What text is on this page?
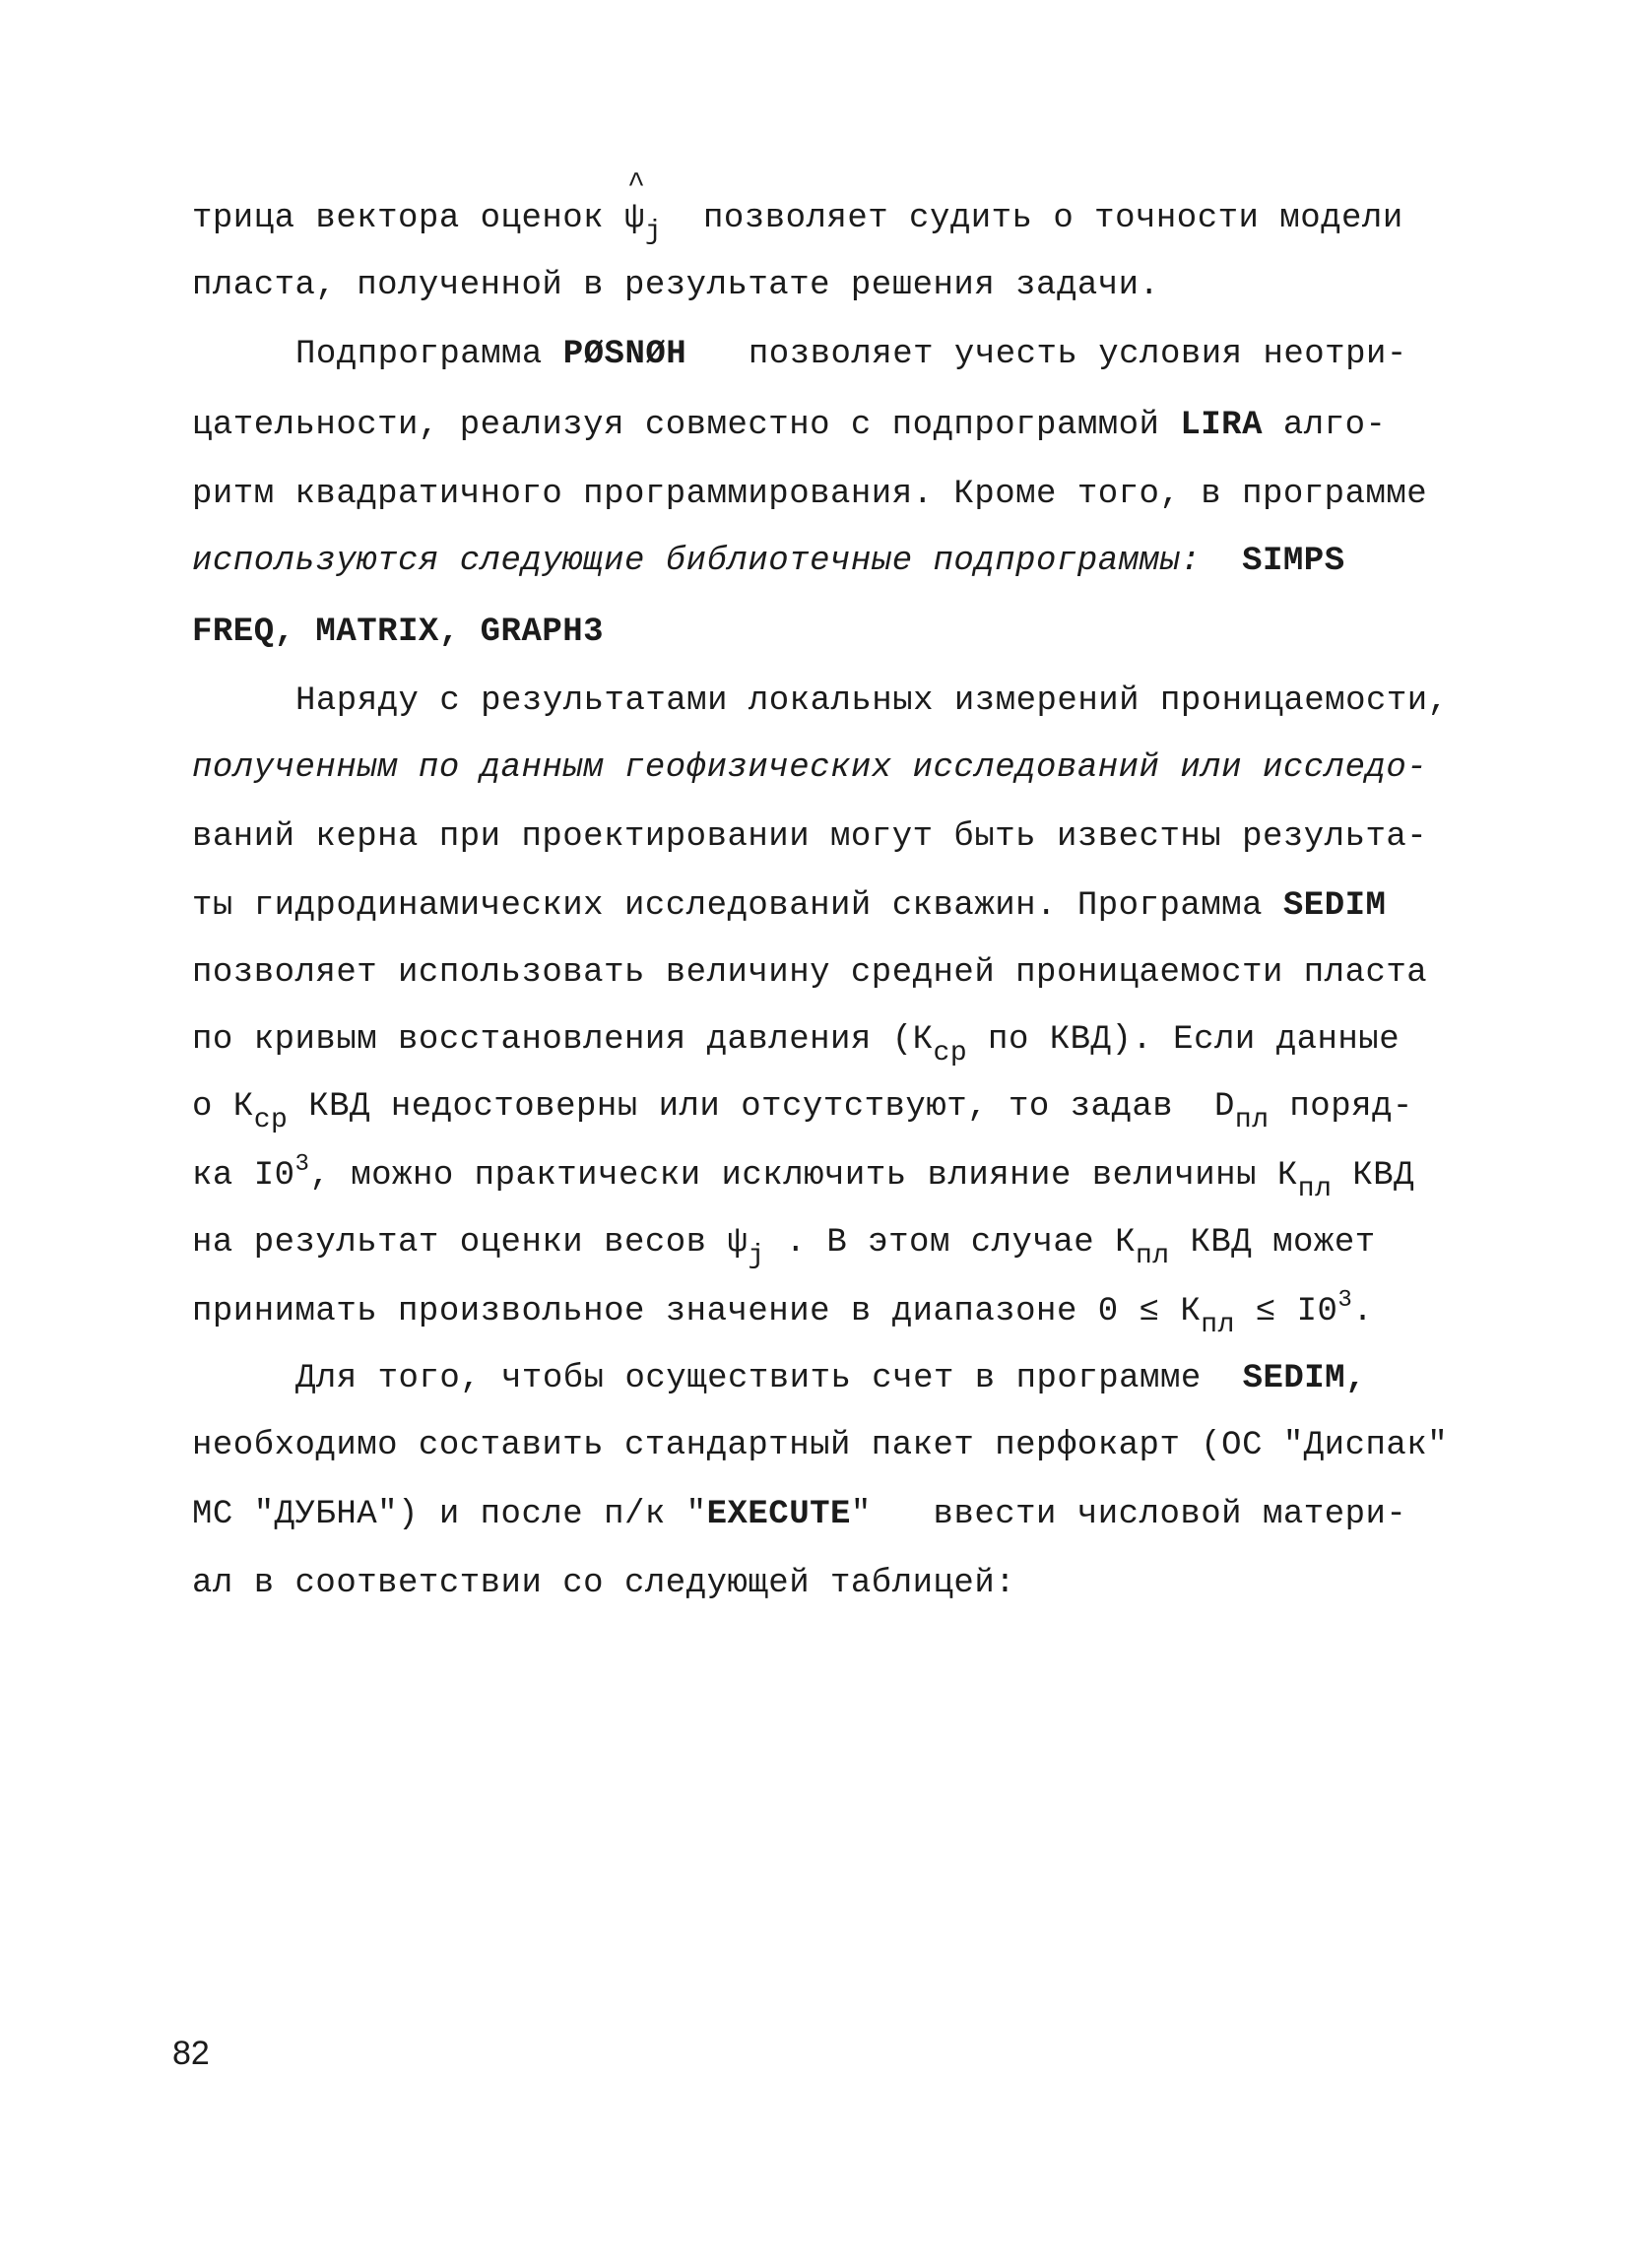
трица вектора оценок
^
$\psi_j$  позволяет судить о точности модели
пласта, полученной в результате решения задачи.
Подпрограмма PØSNØH   позволяет учесть условия неотри-
цательности, реализуя совместно с подпрограммой LIRA алго-
ритм квадратичного программирования. Кроме того, в программе
используются следующие библиотечные подпрограммы:  SIMPS
FREQ, MATRIX, GRAPH3
Наряду с результатами локальных измерений проницаемости,
полученным по данным геофизических исследований или исследо-
ваний керна при проектировании могут быть известны результа-
ты гидродинамических исследований скважин. Программа SEDIM
позволяет использовать величину средней проницаемости пласта
по кривым восстановления давления ($К_{ср}$ по КВД). Если данные
о $К_{ср}$ КВД недостоверны или отсутствуют, то задав  $D_{пл}$ поряд-
ка $I0^3$, можно практически исключить влияние величины $К_{пл}$ КВД
на результат оценки весов $\psi_j$ . В этом случае $К_{пл}$ КВД может
принимать произвольное значение в диапазоне $0 \le К_{пл} \le I0^3$.
Для того, чтобы осуществить счет в программе  SEDIM,
необходимо составить стандартный пакет перфокарт (ОС "Диспак"
МС "ДУБНА") и после п/к "EXECUTE"   ввести числовой матери-
ал в соответствии со следующей таблицей:
82
